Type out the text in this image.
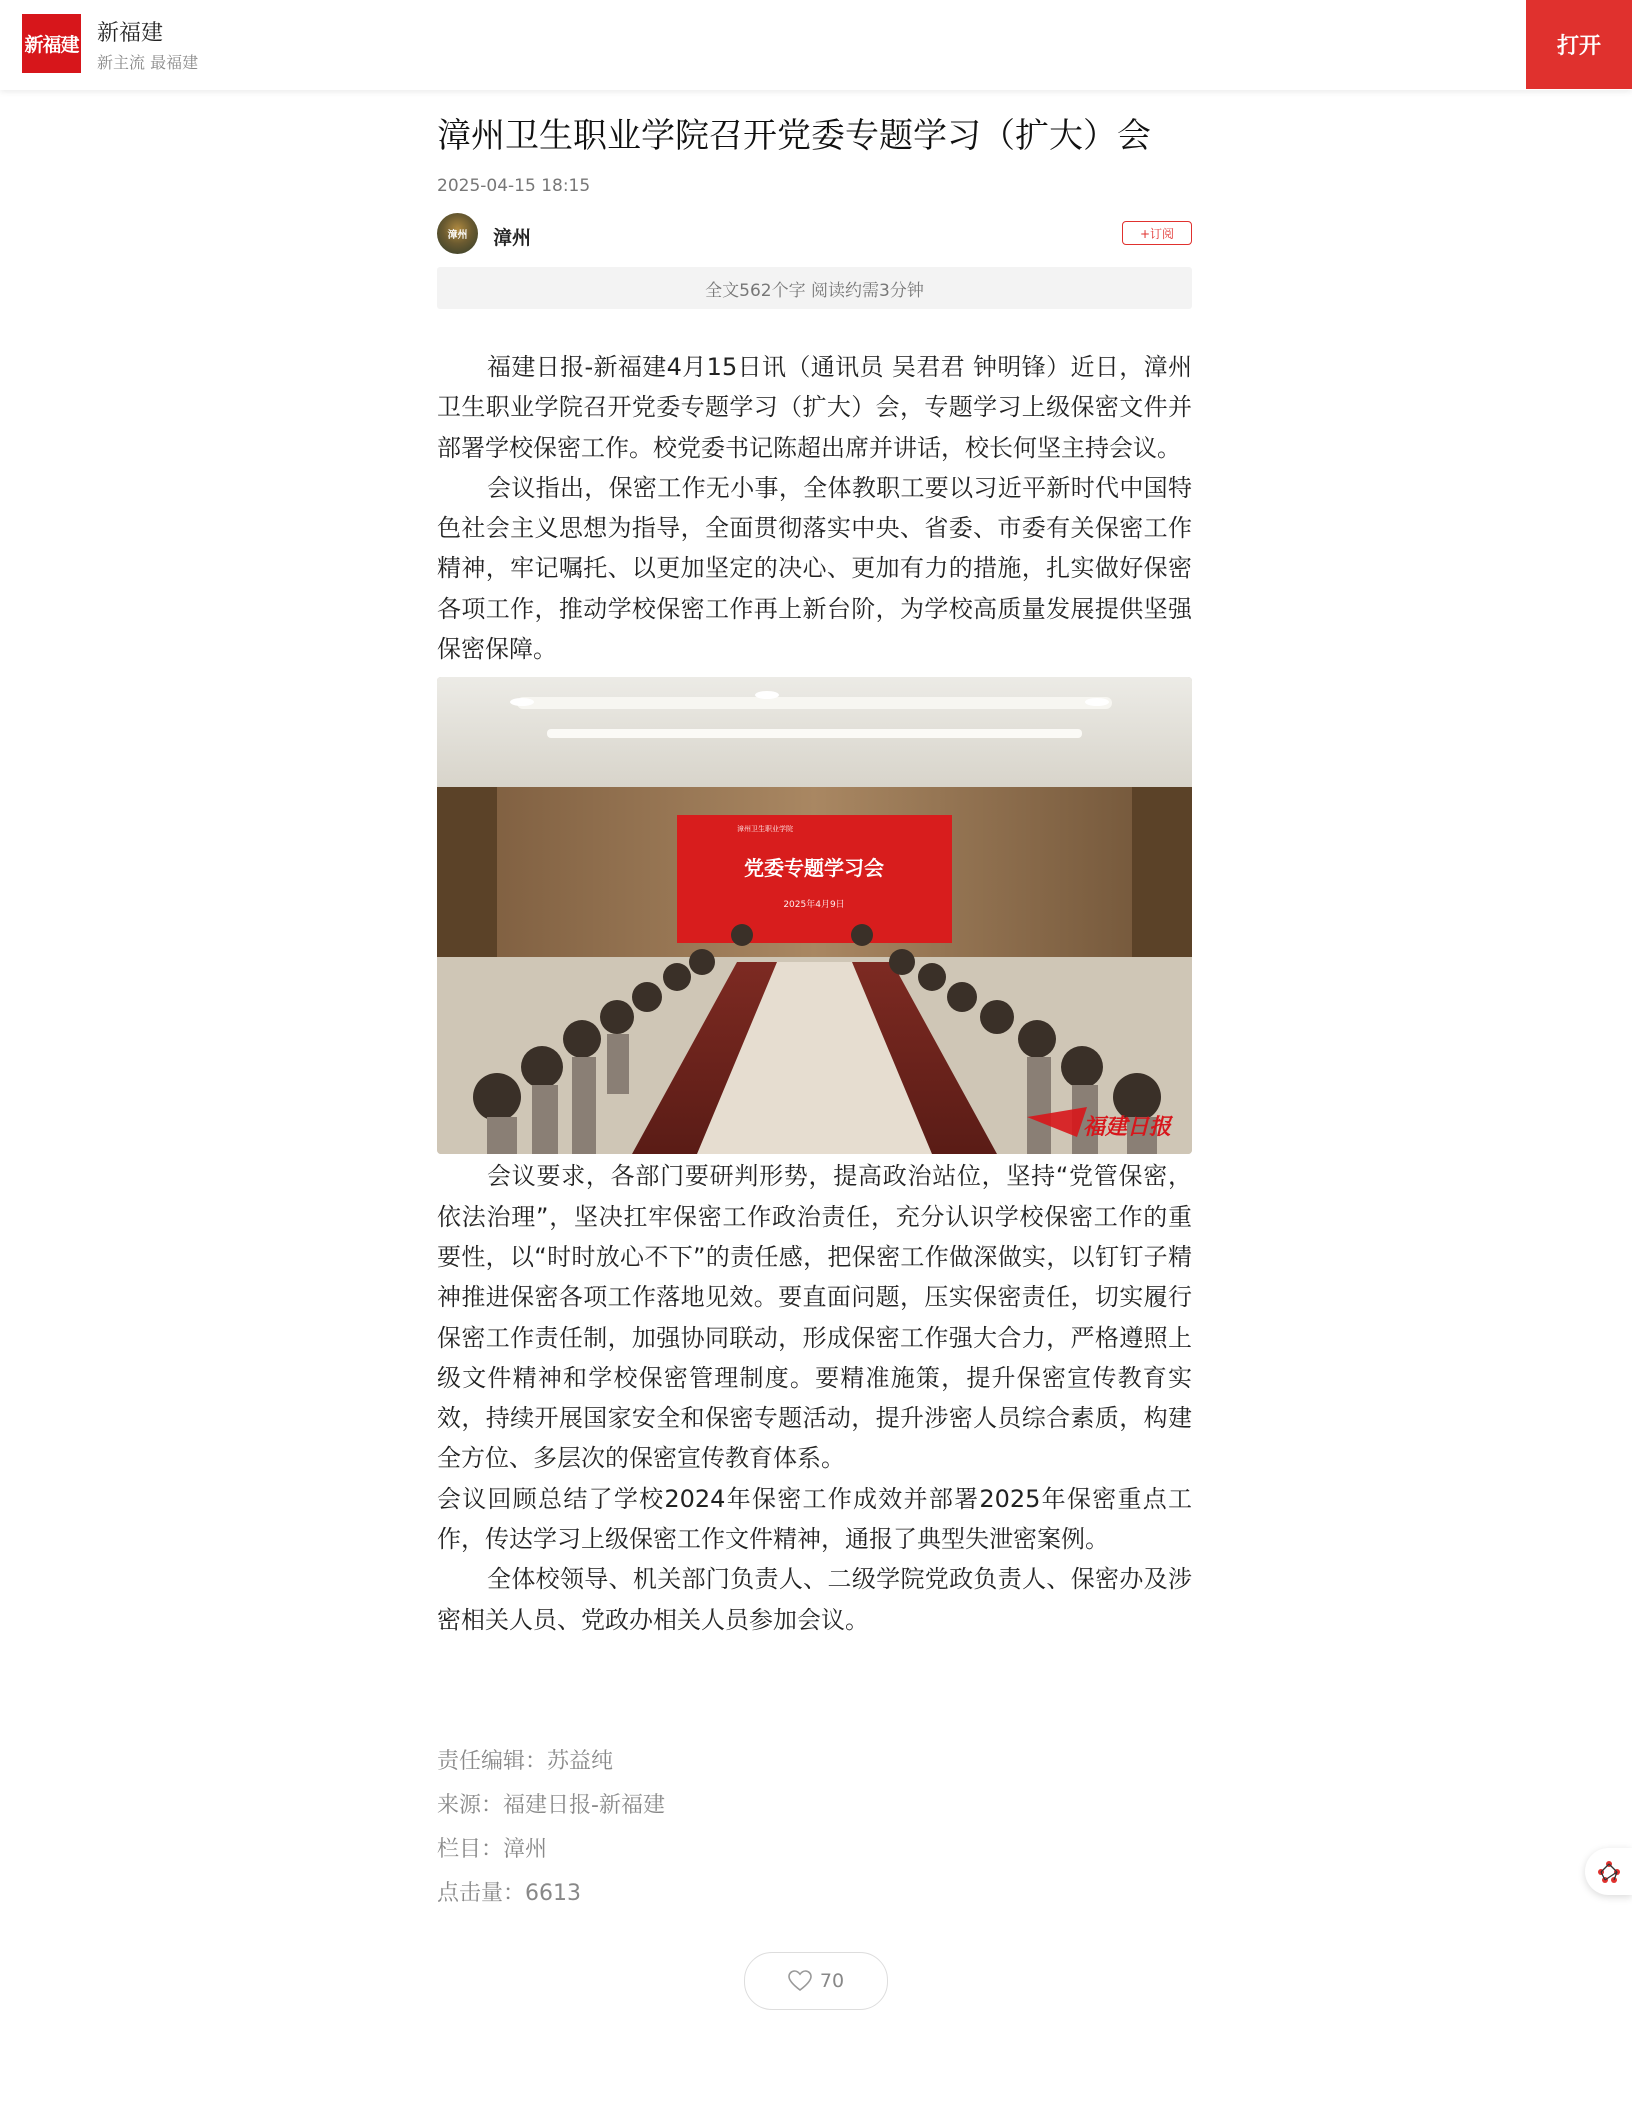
新福建 新福建
新主流 最福建
打开
漳州卫生职业学院召开党委专题学习（扩大）会
2025-04-15 18:15
漳州	漳州	+订阅
全文562个字 阅读约需3分钟

福建日报-新福建4月15日讯（通讯员 吴君君 钟明锋）近日，漳州卫生职业学院召开党委专题学习（扩大）会，专题学习上级保密文件并部署学校保密工作。校党委书记陈超出席并讲话，校长何坚主持会议。

会议指出，保密工作无小事，全体教职工要以习近平新时代中国特色社会主义思想为指导，全面贯彻落实中央、省委、市委有关保密工作精神，牢记嘱托、以更加坚定的决心、更加有力的措施，扎实做好保密各项工作，推动学校保密工作再上新台阶，为学校高质量发展提供坚强保密保障。

党委专题学习会
2025年4月9日
漳州卫生职业学院
福建日报

会议要求，各部门要研判形势，提高政治站位，坚持“党管保密，依法治理”，坚决扛牢保密工作政治责任，充分认识学校保密工作的重要性，以“时时放心不下”的责任感，把保密工作做深做实，以钉钉子精神推进保密各项工作落地见效。要直面问题，压实保密责任，切实履行保密工作责任制，加强协同联动，形成保密工作强大合力，严格遵照上级文件精神和学校保密管理制度。要精准施策，提升保密宣传教育实效，持续开展国家安全和保密专题活动，提升涉密人员综合素质，构建全方位、多层次的保密宣传教育体系。

会议回顾总结了学校2024年保密工作成效并部署2025年保密重点工作，传达学习上级保密工作文件精神，通报了典型失泄密案例。

全体校领导、机关部门负责人、二级学院党政负责人、保密办及涉密相关人员、党政办相关人员参加会议。

责任编辑：苏益纯
来源：福建日报-新福建
栏目：漳州
点击量：6613
70
